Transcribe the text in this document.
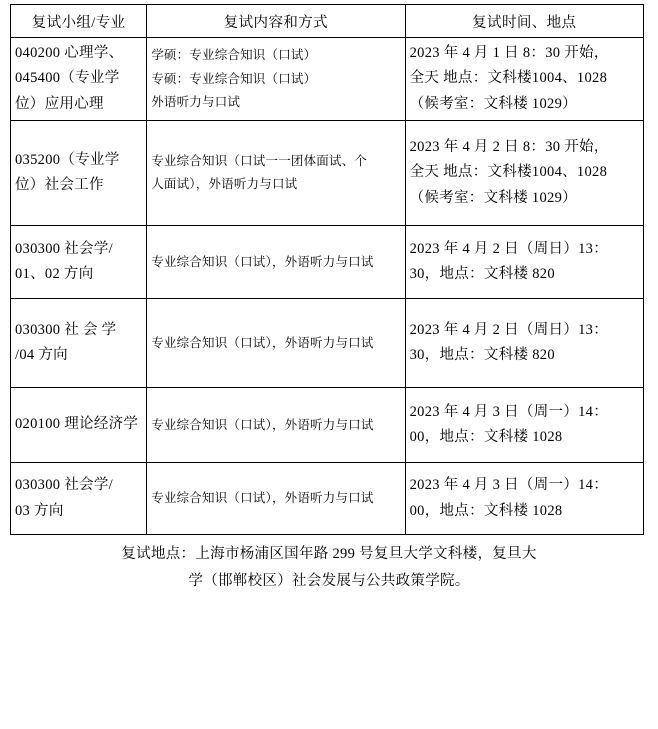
复试小组/专业	复试内容和方式	复试时间、地点

040200 心理学、
045400（专业学
位）应用心理	学硕：专业综合知识（口试）
专硕：专业综合知识（口试）
外语听力与口试	2023 年 4 月 1 日 8：30 开始，
全天 地点：文科楼1004、1028
（候考室：文科楼 1029）

035200（专业学
位）社会工作	专业综合知识（口试一一团体面试、个
人面试），外语听力与口试	2023 年 4 月 2 日 8：30 开始，
全天 地点：文科楼1004、1028
（候考室：文科楼 1029）

030300 社会学/
01、02 方向	专业综合知识（口试），外语听力与口试	2023 年 4 月 2 日（周日）13：
30，地点：文科楼 820

030300 社 会 学
/04 方向	专业综合知识（口试），外语听力与口试	2023 年 4 月 2 日（周日）13：
30，地点：文科楼 820

020100 理论经济学	专业综合知识（口试），外语听力与口试	2023 年 4 月 3 日（周一）14：
00，地点：文科楼 1028

030300 社会学/
03 方向	专业综合知识（口试），外语听力与口试	2023 年 4 月 3 日（周一）14：
00，地点：文科楼 1028
复试地点：上海市杨浦区国年路 299 号复旦大学文科楼，复旦大
学（邯郸校区）社会发展与公共政策学院。
